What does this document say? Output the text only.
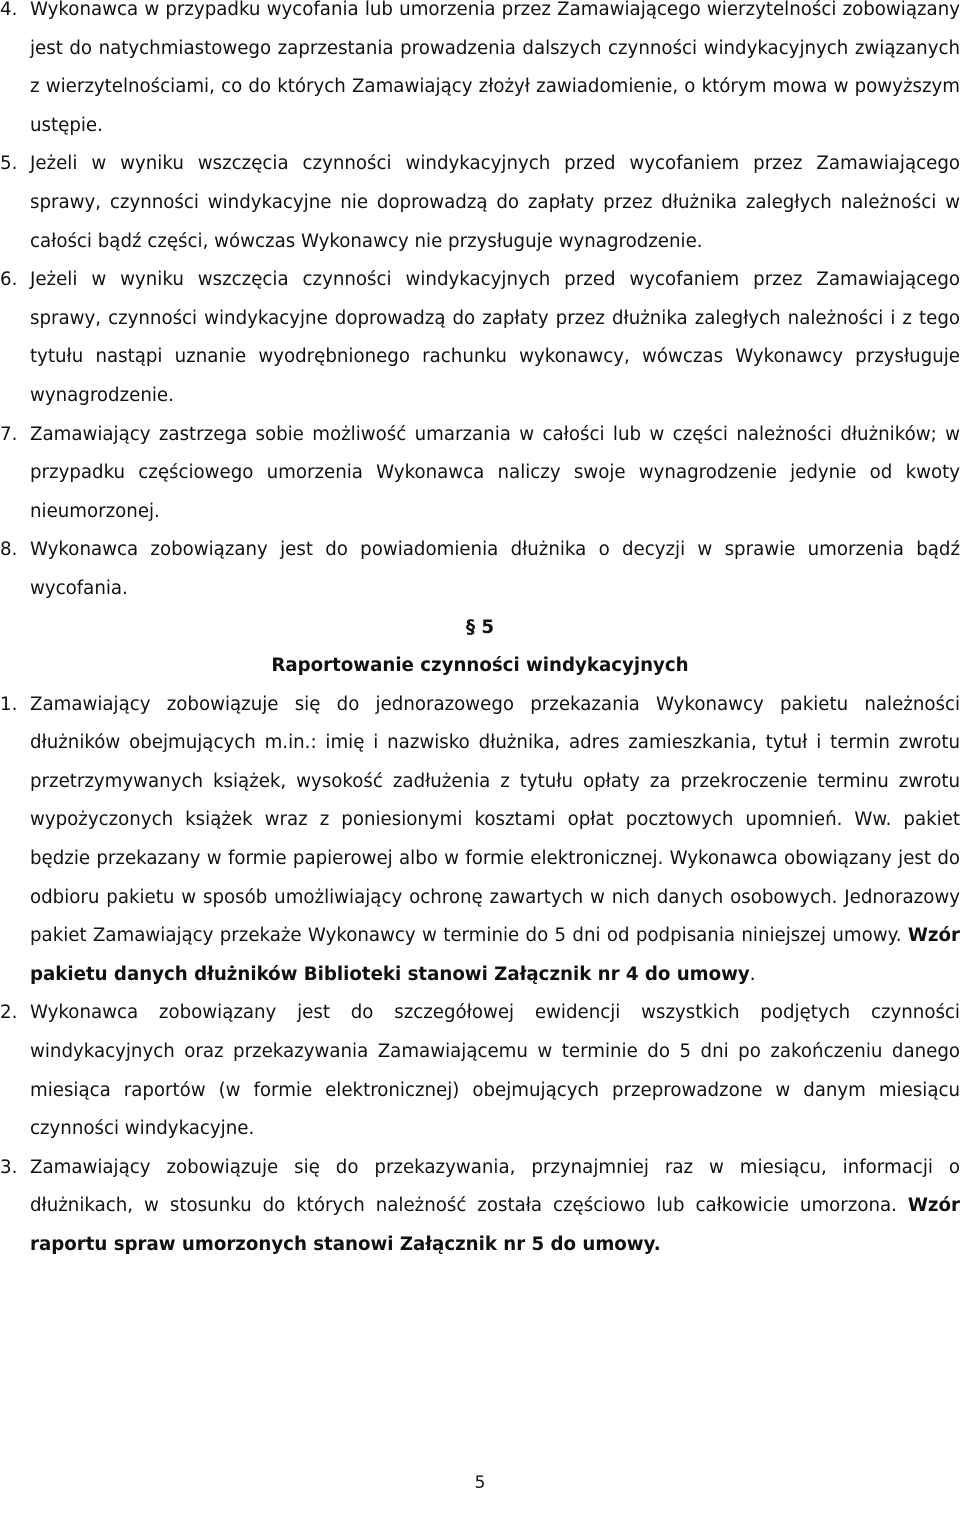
4. Wykonawca w przypadku wycofania lub umorzenia przez Zamawiającego wierzytelności zobowiązany jest do natychmiastowego zaprzestania prowadzenia dalszych czynności windykacyjnych związanych z wierzytelnościami, co do których Zamawiający złożył zawiadomienie, o którym mowa w powyższym ustępie.

5. Jeżeli w wyniku wszczęcia czynności windykacyjnych przed wycofaniem przez Zamawiającego sprawy, czynności windykacyjne nie doprowadzą do zapłaty przez dłużnika zaległych należności w całości bądź części, wówczas Wykonawcy nie przysługuje wynagrodzenie.

6. Jeżeli w wyniku wszczęcia czynności windykacyjnych przed wycofaniem przez Zamawiającego sprawy, czynności windykacyjne doprowadzą do zapłaty przez dłużnika zaległych należności i z tego tytułu nastąpi uznanie wyodrębnionego rachunku wykonawcy, wówczas Wykonawcy przysługuje wynagrodzenie.

7. Zamawiający zastrzega sobie możliwość umarzania w całości lub w części należności dłużników; w przypadku częściowego umorzenia Wykonawca naliczy swoje wynagrodzenie jedynie od kwoty nieumorzonej.

8. Wykonawca zobowiązany jest do powiadomienia dłużnika o decyzji w sprawie umorzenia bądź wycofania.

§ 5

Raportowanie czynności windykacyjnych

1. Zamawiający zobowiązuje się do jednorazowego przekazania Wykonawcy pakietu należności dłużników obejmujących m.in.: imię i nazwisko dłużnika, adres zamieszkania, tytuł i termin zwrotu przetrzymywanych książek, wysokość zadłużenia z tytułu opłaty za przekroczenie terminu zwrotu wypożyczonych książek wraz z poniesionymi kosztami opłat pocztowych upomnień. Ww. pakiet będzie przekazany w formie papierowej albo w formie elektronicznej. Wykonawca obowiązany jest do odbioru pakietu w sposób umożliwiający ochronę zawartych w nich danych osobowych. Jednorazowy pakiet Zamawiający przekaże Wykonawcy w terminie do 5 dni od podpisania niniejszej umowy. Wzór pakietu danych dłużników Biblioteki stanowi Załącznik nr 4 do umowy.

2. Wykonawca zobowiązany jest do szczegółowej ewidencji wszystkich podjętych czynności windykacyjnych oraz przekazywania Zamawiającemu w terminie do 5 dni po zakończeniu danego miesiąca raportów (w formie elektronicznej) obejmujących przeprowadzone w danym miesiącu czynności windykacyjne.

3. Zamawiający zobowiązuje się do przekazywania, przynajmniej raz w miesiącu, informacji o dłużnikach, w stosunku do których należność została częściowo lub całkowicie umorzona. Wzór raportu spraw umorzonych stanowi Załącznik nr 5 do umowy.

5
